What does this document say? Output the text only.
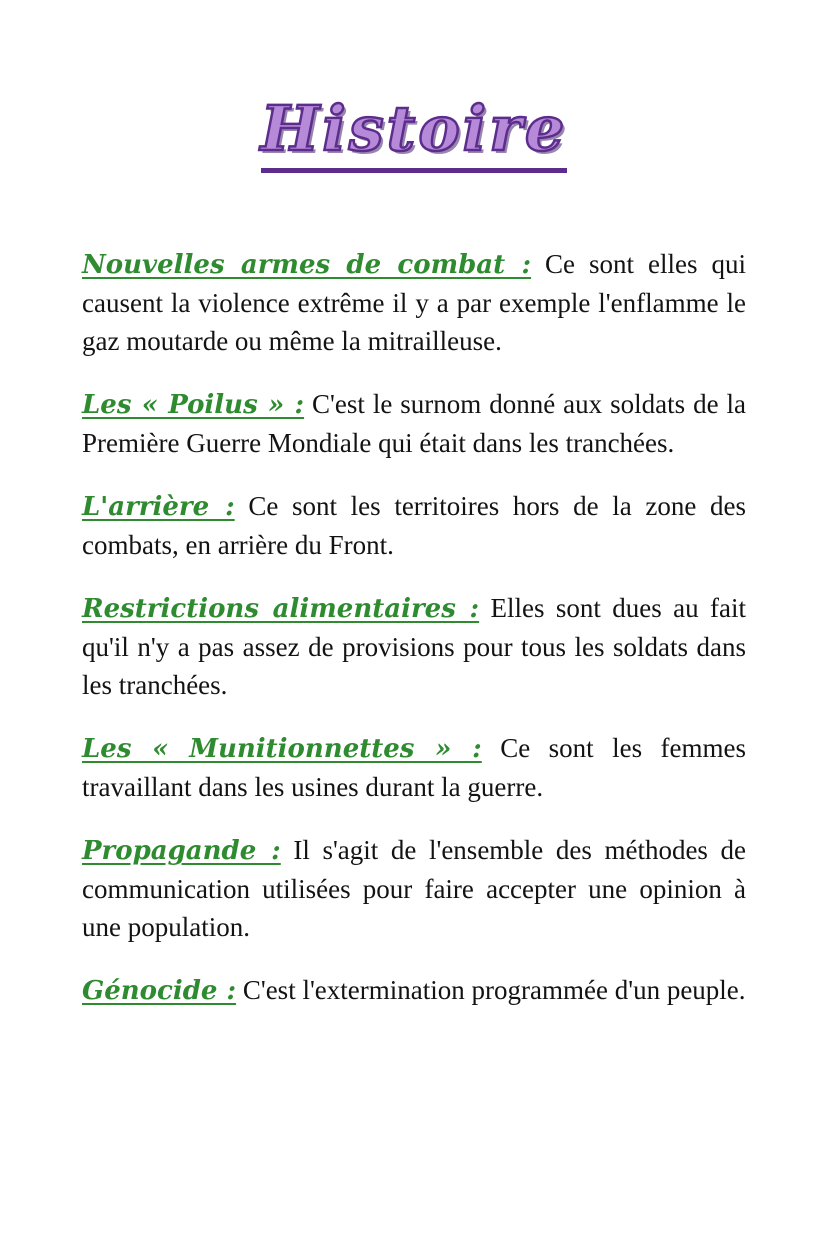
Histoire

Nouvelles armes de combat : Ce sont elles qui causent la violence extrême il y a par exemple l'enflamme le gaz moutarde ou même la mitrailleuse.

Les « Poilus » : C'est le surnom donné aux soldats de la Première Guerre Mondiale qui était dans les tranchées.

L'arrière : Ce sont les territoires hors de la zone des combats, en arrière du Front.

Restrictions alimentaires : Elles sont dues au fait qu'il n'y a pas assez de provisions pour tous les soldats dans les tranchées.

Les « Munitionnettes » : Ce sont les femmes travaillant dans les usines durant la guerre.

Propagande : Il s'agit de l'ensemble des méthodes de communication utilisées pour faire accepter une opinion à une population.

Génocide : C'est l'extermination programmée d'un peuple.
